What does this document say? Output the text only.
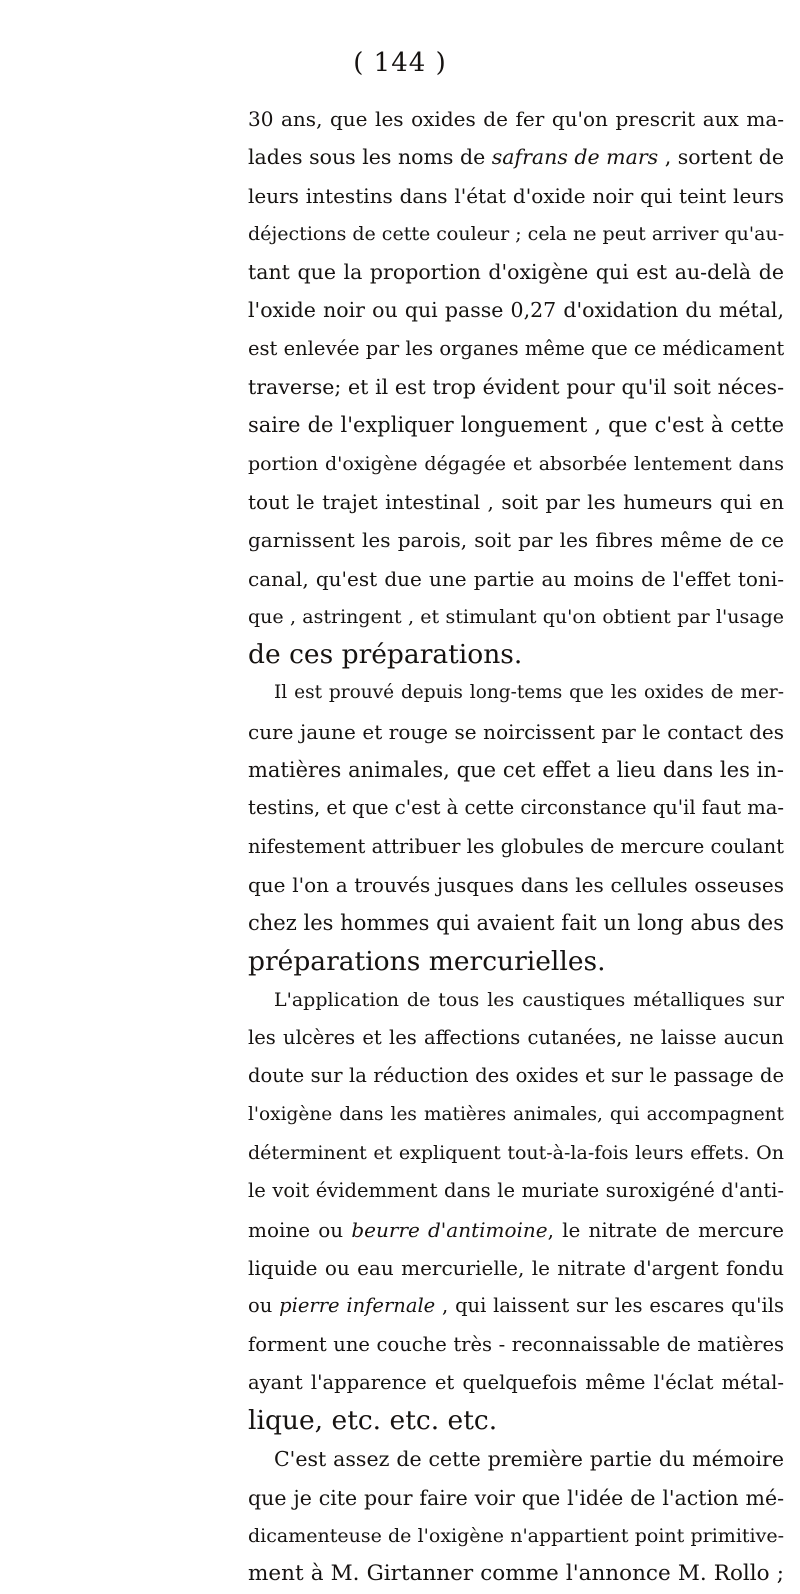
( 144 )
30 ans, que les oxides de fer qu'on prescrit aux ma-
lades sous les noms de safrans de mars , sortent de
leurs intestins dans l'état d'oxide noir qui teint leurs
déjections de cette couleur ; cela ne peut arriver qu'au-
tant que la proportion d'oxigène qui est au-delà de
l'oxide noir ou qui passe 0,27 d'oxidation du métal,
est enlevée par les organes même que ce médicament
traverse; et il est trop évident pour qu'il soit néces-
saire de l'expliquer longuement , que c'est à cette
portion d'oxigène dégagée et absorbée lentement dans
tout le trajet intestinal , soit par les humeurs qui en
garnissent les parois, soit par les fibres même de ce
canal, qu'est due une partie au moins de l'effet toni-
que , astringent , et stimulant qu'on obtient par l'usage
de ces préparations.
Il est prouvé depuis long-tems que les oxides de mer-
cure jaune et rouge se noircissent par le contact des
matières animales, que cet effet a lieu dans les in-
testins, et que c'est à cette circonstance qu'il faut ma-
nifestement attribuer les globules de mercure coulant
que l'on a trouvés jusques dans les cellules osseuses
chez les hommes qui avaient fait un long abus des
préparations mercurielles.
L'application de tous les caustiques métalliques sur
les ulcères et les affections cutanées, ne laisse aucun
doute sur la réduction des oxides et sur le passage de
l'oxigène dans les matières animales, qui accompagnent
déterminent et expliquent tout-à-la-fois leurs effets. On
le voit évidemment dans le muriate suroxigéné d'anti-
moine ou beurre d'antimoine, le nitrate de mercure
liquide ou eau mercurielle, le nitrate d'argent fondu
ou pierre infernale , qui laissent sur les escares qu'ils
forment une couche très - reconnaissable de matières
ayant l'apparence et quelquefois même l'éclat métal-
lique, etc. etc. etc.
C'est assez de cette première partie du mémoire
que je cite pour faire voir que l'idée de l'action mé-
dicamenteuse de l'oxigène n'appartient point primitive-
ment à M. Girtanner comme l'annonce M. Rollo ;
